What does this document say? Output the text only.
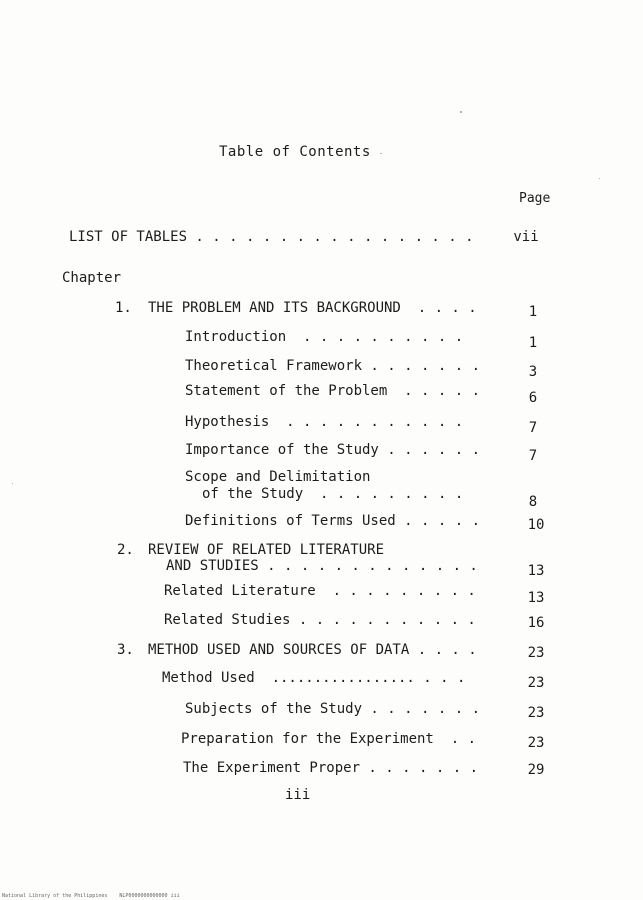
Table of Contents
Page
LIST OF TABLES . . . . . . . . . . . . . . . . .	vii
Chapter
1. THE PROBLEM AND ITS BACKGROUND  . . . .	1
Introduction  . . . . . . . . . .	1
Theoretical Framework . . . . . . .	3
Statement of the Problem  . . . . .	6
Hypothesis  . . . . . . . . . . .	7
Importance of the Study . . . . . .	7
Scope and Delimitation
of the Study  . . . . . . . . .	8
Definitions of Terms Used . . . . .	10
2. REVIEW OF RELATED LITERATURE
AND STUDIES . . . . . . . . . . . . .	13
Related Literature  . . . . . . . . .	13
Related Studies . . . . . . . . . . .	16
3. METHOD USED AND SOURCES OF DATA . . . .	23
Method Used  ................. . . .	23
Subjects of the Study . . . . . . .	23
Preparation for the Experiment  . .	23
The Experiment Proper . . . . . . .	29
iii
National Library of the Philippines    NLP0000000000000 iii
